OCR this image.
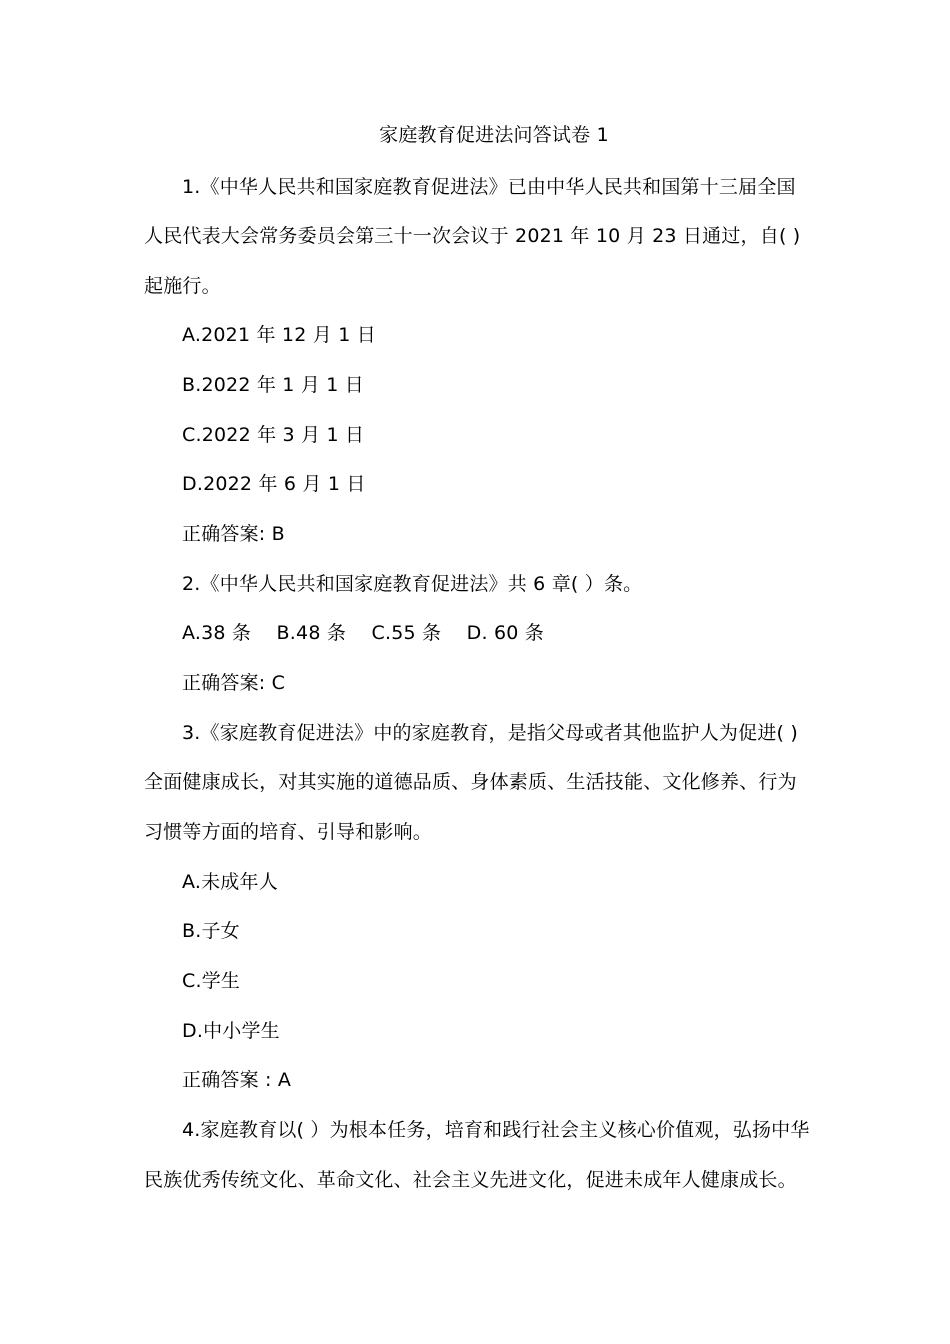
家庭教育促进法问答试卷 1
1.《中华人民共和国家庭教育促进法》已由中华人民共和国第十三届全国
人民代表大会常务委员会第三十一次会议于 2021 年 10 月 23 日通过，自( )
起施行。
A.2021 年 12 月 1 日
B.2022 年 1 月 1 日
C.2022 年 3 月 1 日
D.2022 年 6 月 1 日
正确答案: B
2.《中华人民共和国家庭教育促进法》共 6 章( ）条。
A.38 条　 B.48 条　 C.55 条　 D. 60 条
正确答案: C
3.《家庭教育促进法》中的家庭教育，是指父母或者其他监护人为促进( )
全面健康成长，对其实施的道德品质、身体素质、生活技能、文化修养、行为
习惯等方面的培育、引导和影响。
A.未成年人
B.子女
C.学生
D.中小学生
正确答案 : A
4.家庭教育以( ）为根本任务，培育和践行社会主义核心价值观，弘扬中华
民族优秀传统文化、革命文化、社会主义先进文化，促进未成年人健康成长。
